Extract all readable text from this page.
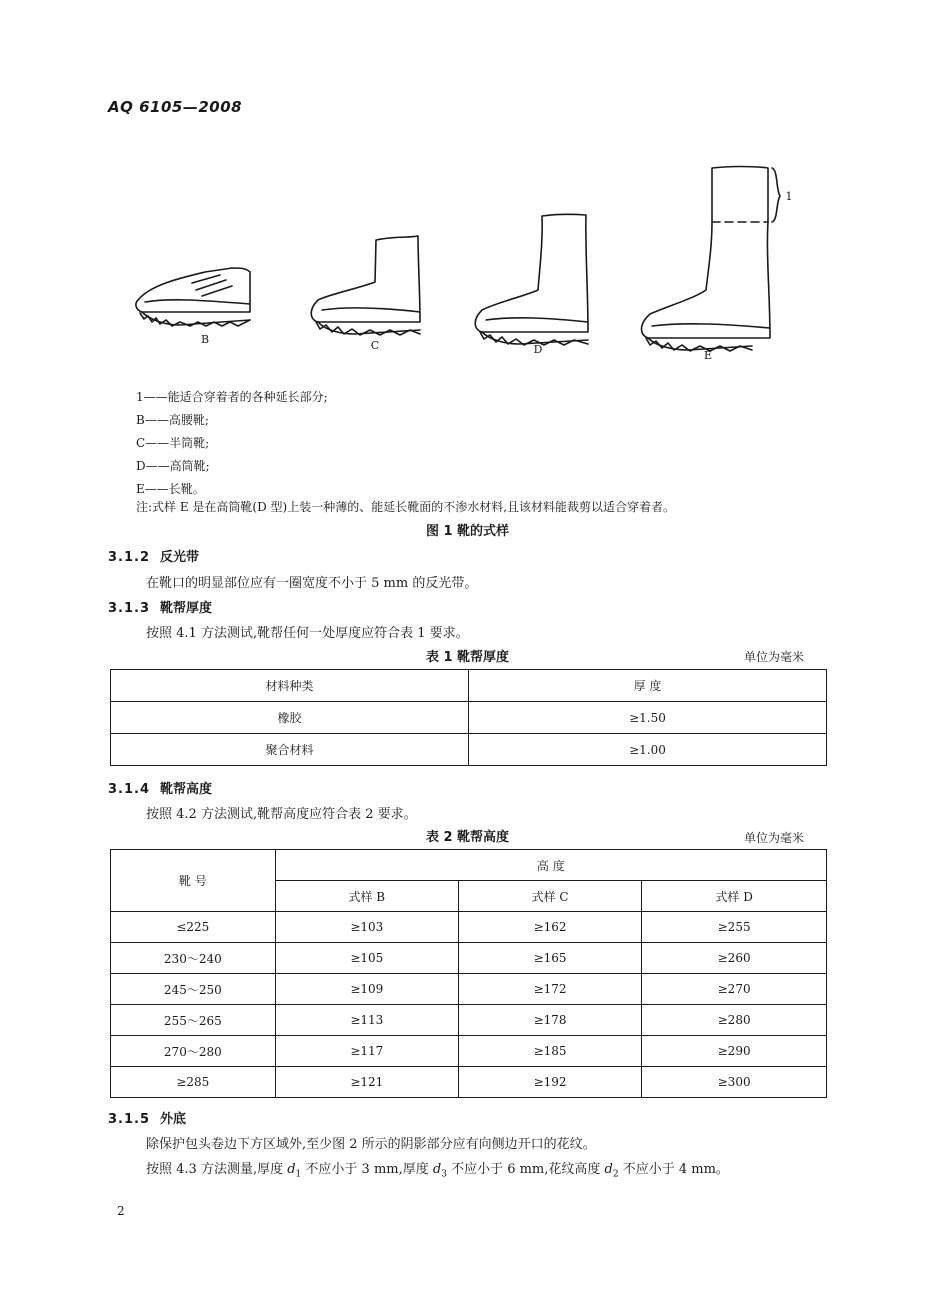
AQ 6105—2008
B	C	D	E
1
1——能适合穿着者的各种延长部分;
B——高腰靴;
C——半筒靴;
D——高筒靴;
E——长靴。
注:式样 E 是在高筒靴(D 型)上装一种薄的、能延长靴面的不渗水材料,且该材料能裁剪以适合穿着者。
图 1 靴的式样
3.1.2 反光带
在靴口的明显部位应有一圈宽度不小于 5 mm 的反光带。
3.1.3 靴帮厚度
按照 4.1 方法测试,靴帮任何一处厚度应符合表 1 要求。
表 1 靴帮厚度	单位为毫米
材料种类	厚 度
橡胶	≥1.50
聚合材料	≥1.00
3.1.4 靴帮高度
按照 4.2 方法测试,靴帮高度应符合表 2 要求。
表 2 靴帮高度	单位为毫米
靴 号	高 度		
	式样 B	式样 C	式样 D
≤225	≥103	≥162	≥255
230～240	≥105	≥165	≥260
245～250	≥109	≥172	≥270
255～265	≥113	≥178	≥280
270～280	≥117	≥185	≥290
≥285	≥121	≥192	≥300
3.1.5 外底
除保护包头卷边下方区域外,至少图 2 所示的阴影部分应有向侧边开口的花纹。
按照 4.3 方法测量,厚度 $d_1$ 不应小于 3 mm,厚度 $d_3$ 不应小于 6 mm,花纹高度 $d_2$ 不应小于 4 mm。
2
